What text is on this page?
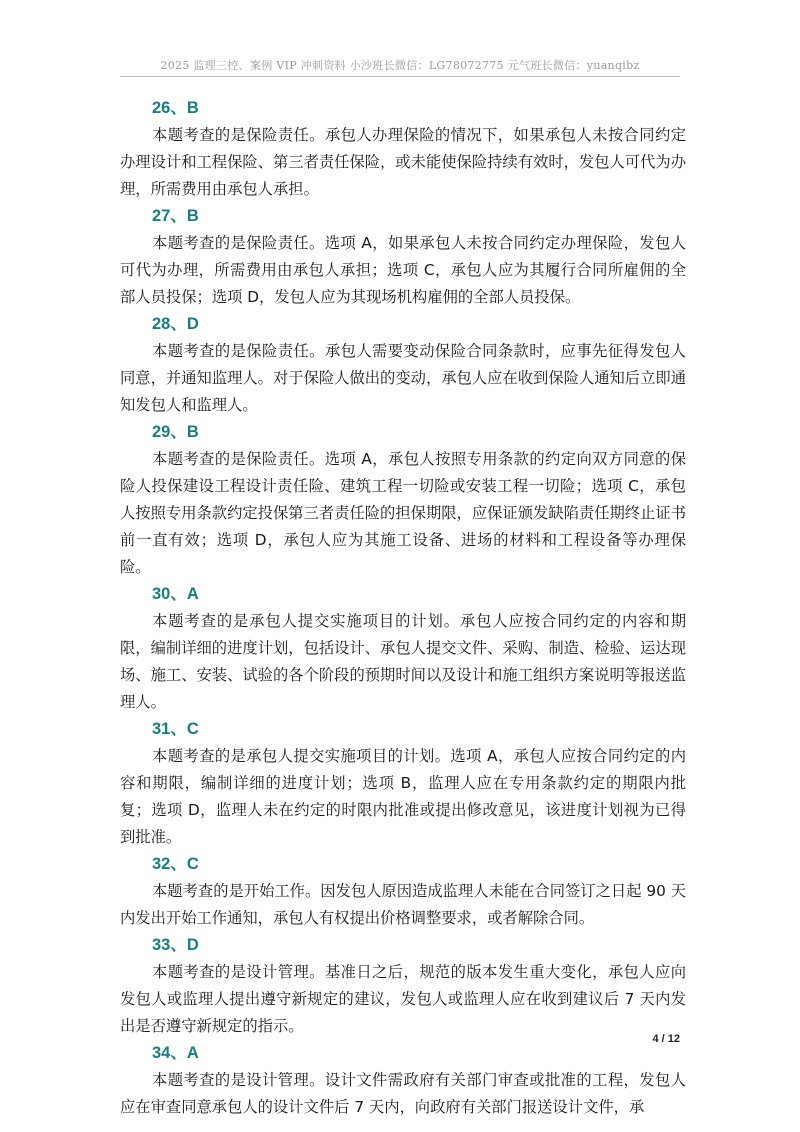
2025 监理三控、案例 VIP 冲刺资料 小沙班长微信：LG78072775 元气班长微信：yuanqibz
26、B

本题考查的是保险责任。承包人办理保险的情况下，如果承包人未按合同约定办理设计和工程保险、第三者责任保险，或未能使保险持续有效时，发包人可代为办理，所需费用由承包人承担。

27、B

本题考查的是保险责任。选项 A，如果承包人未按合同约定办理保险，发包人可代为办理，所需费用由承包人承担；选项 C，承包人应为其履行合同所雇佣的全部人员投保；选项 D，发包人应为其现场机构雇佣的全部人员投保。

28、D

本题考查的是保险责任。承包人需要变动保险合同条款时，应事先征得发包人同意，并通知监理人。对于保险人做出的变动，承包人应在收到保险人通知后立即通知发包人和监理人。

29、B

本题考查的是保险责任。选项 A，承包人按照专用条款的约定向双方同意的保险人投保建设工程设计责任险、建筑工程一切险或安装工程一切险；选项 C，承包人按照专用条款约定投保第三者责任险的担保期限，应保证颁发缺陷责任期终止证书前一直有效；选项 D，承包人应为其施工设备、进场的材料和工程设备等办理保险。

30、A

本题考查的是承包人提交实施项目的计划。承包人应按合同约定的内容和期限，编制详细的进度计划，包括设计、承包人提交文件、采购、制造、检验、运达现场、施工、安装、试验的各个阶段的预期时间以及设计和施工组织方案说明等报送监理人。

31、C

本题考查的是承包人提交实施项目的计划。选项 A，承包人应按合同约定的内容和期限，编制详细的进度计划；选项 B，监理人应在专用条款约定的期限内批复；选项 D，监理人未在约定的时限内批准或提出修改意见，该进度计划视为已得到批准。

32、C

本题考查的是开始工作。因发包人原因造成监理人未能在合同签订之日起 90 天内发出开始工作通知，承包人有权提出价格调整要求，或者解除合同。

33、D

本题考查的是设计管理。基准日之后，规范的版本发生重大变化，承包人应向发包人或监理人提出遵守新规定的建议，发包人或监理人应在收到建议后 7 天内发出是否遵守新规定的指示。

34、A

本题考查的是设计管理。设计文件需政府有关部门审查或批准的工程，发包人应在审查同意承包人的设计文件后 7 天内，向政府有关部门报送设计文件，承

4 / 12
